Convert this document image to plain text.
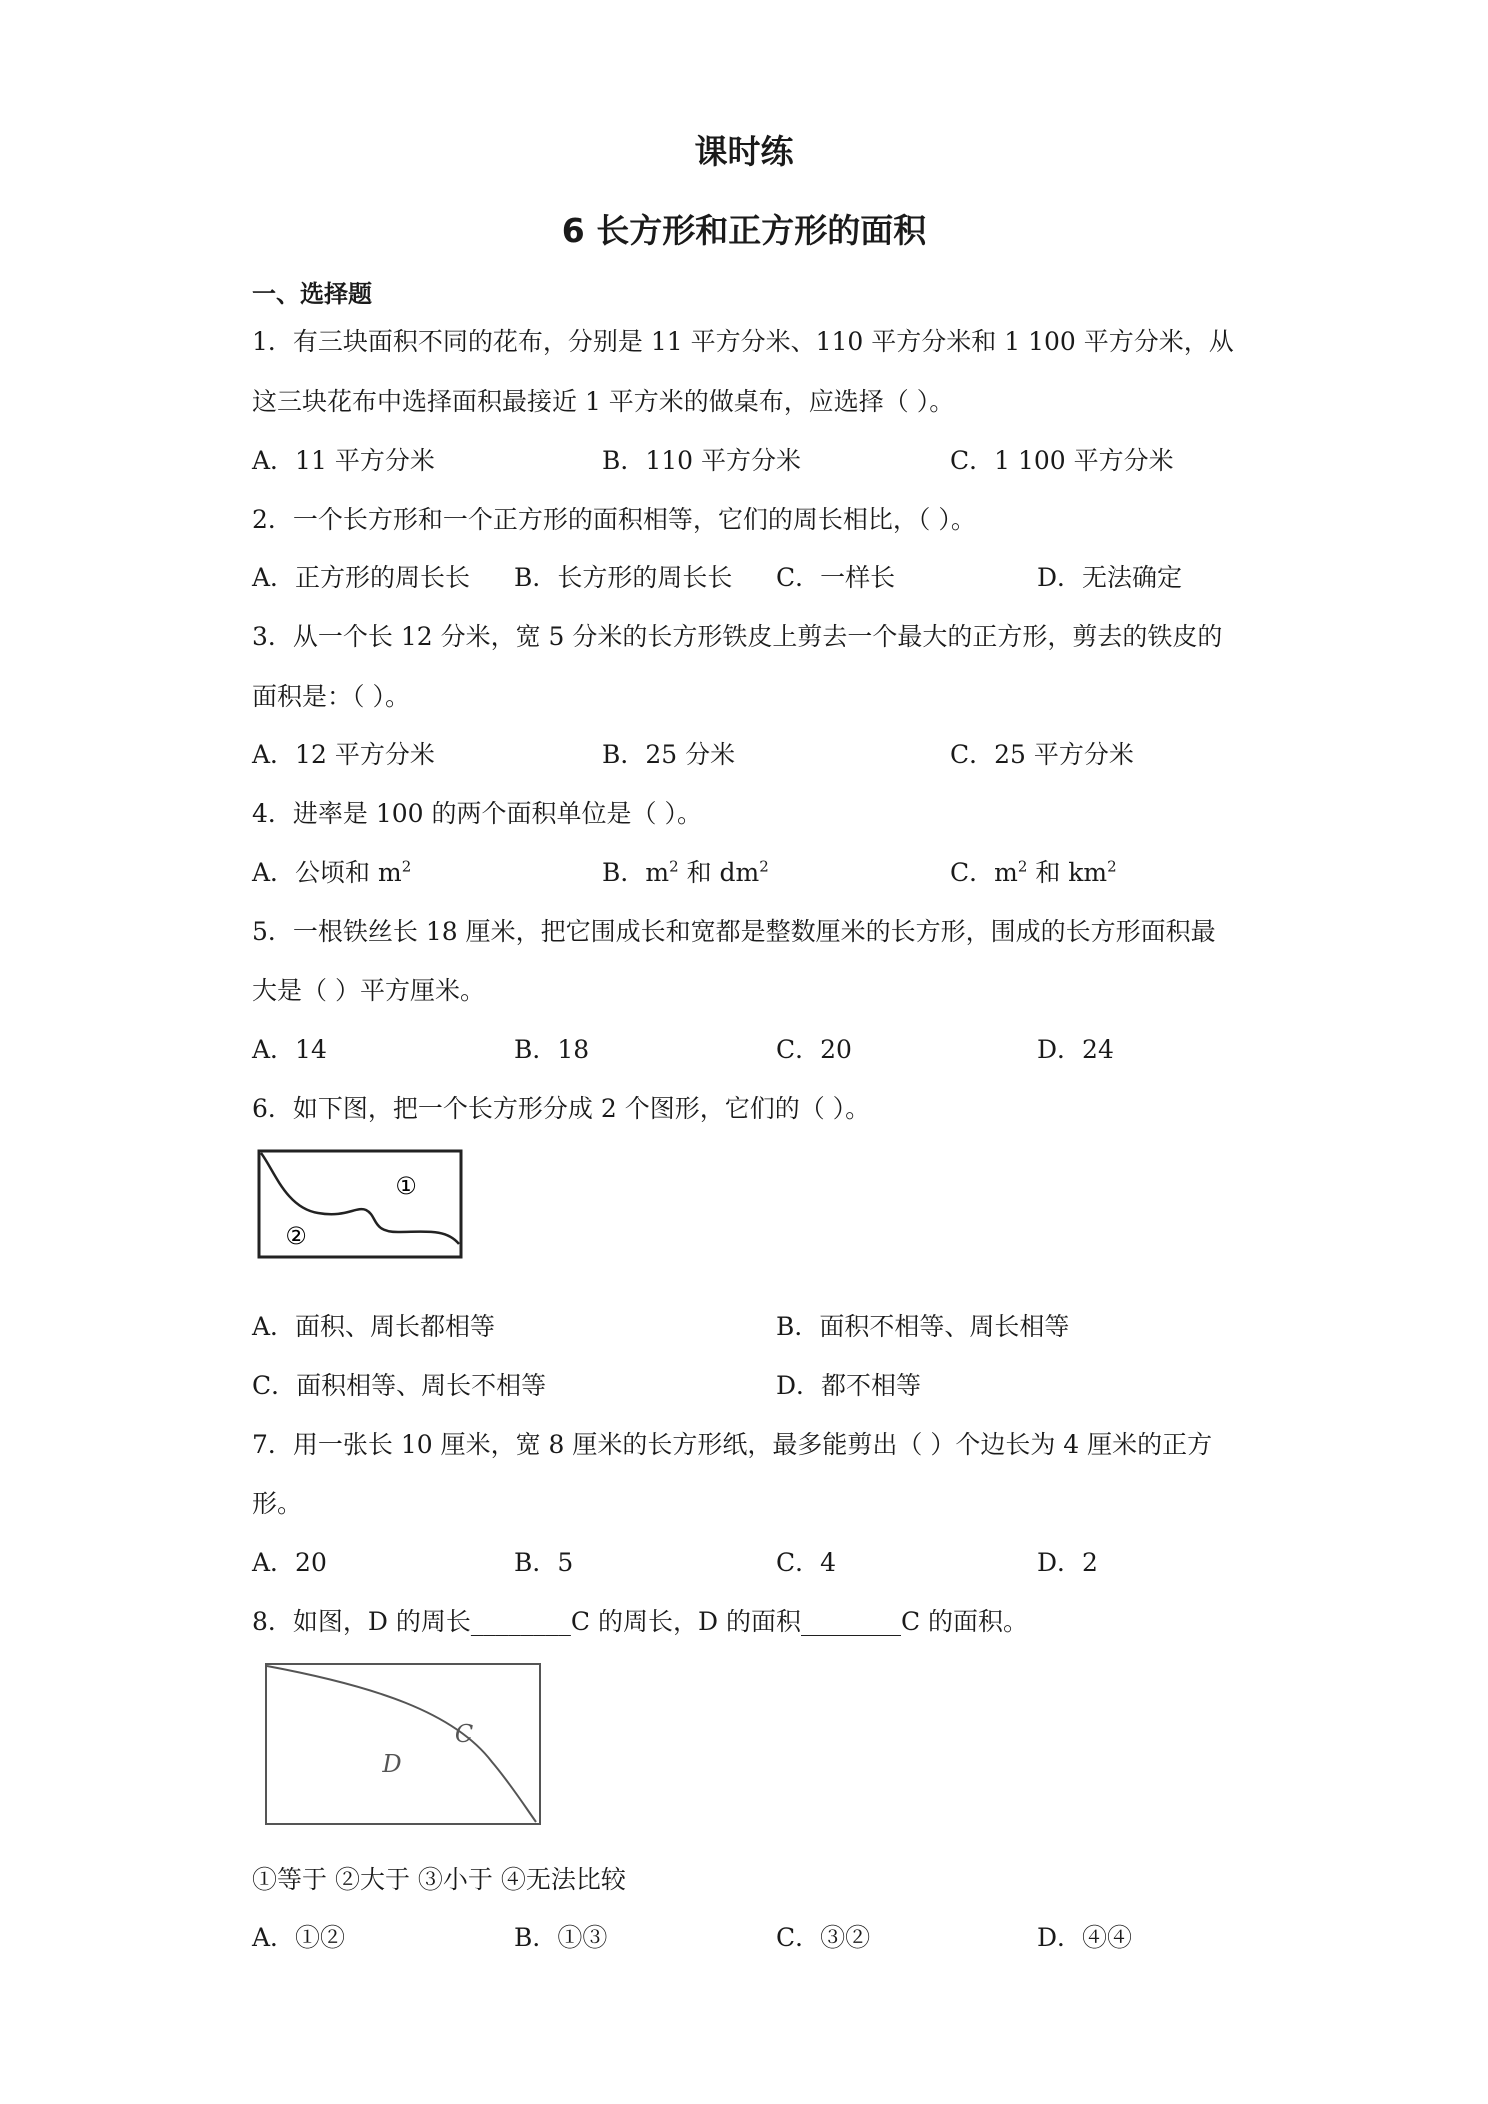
课时练
6 长方形和正方形的面积
一、选择题
1．有三块面积不同的花布，分别是 11 平方分米、110 平方分米和 1 100 平方分米，从
这三块花布中选择面积最接近 1 平方米的做桌布，应选择（ ）。
A．11 平方分米	B．110 平方分米	C．1 100 平方分米
2．一个长方形和一个正方形的面积相等，它们的周长相比，（ ）。
A．正方形的周长长 B．长方形的周长长 C．一样长	D．无法确定
3．从一个长 12 分米，宽 5 分米的长方形铁皮上剪去一个最大的正方形，剪去的铁皮的
面积是：（ ）。
A．12 平方分米	B．25 分米	C．25 平方分米
4．进率是 100 的两个面积单位是（ ）。
A．公顷和 $m^2$	B．$m^2$ 和 $dm^2$	C．$m^2$ 和 $km^2$
5．一根铁丝长 18 厘米，把它围成长和宽都是整数厘米的长方形，围成的长方形面积最
大是（ ）平方厘米。
A．14	B．18	C．20	D．24
6．如下图，把一个长方形分成 2 个图形，它们的（ ）。
①
②
A．面积、周长都相等	B．面积不相等、周长相等
C．面积相等、周长不相等	D．都不相等
7．用一张长 10 厘米，宽 8 厘米的长方形纸，最多能剪出（ ）个边长为 4 厘米的正方
形。
A．20	B．5	C．4	D．2
8．如图，D 的周长________C 的周长，D 的面积________C 的面积。
D
C
①等于 ②大于 ③小于 ④无法比较
A．①②	B．①③	C．③②	D．④④
